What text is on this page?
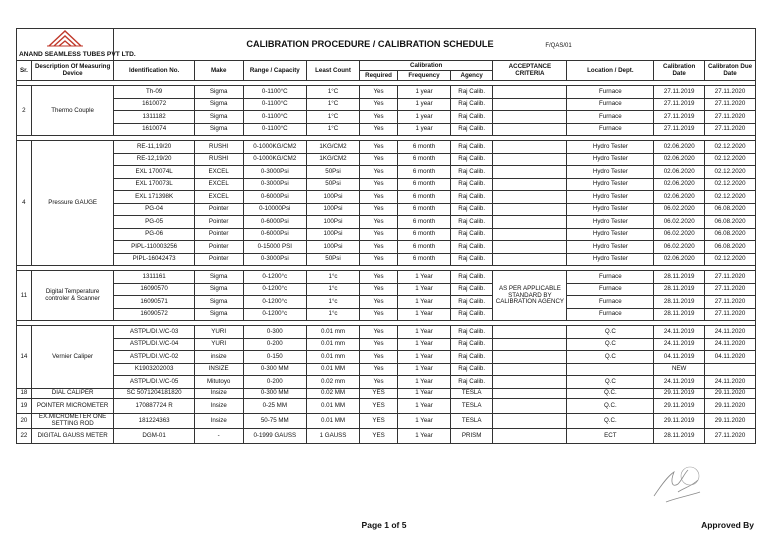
ANAND SEAMLESS TUBES PVT LTD.		CALIBRATION PROCEDURE / CALIBRATION SCHEDULE F/QAS/01										
Sr.	Description Of Measuring Device	Identification No.	Make	Range / Capacity	Least Count	Calibration			ACCEPTANCE CRITERIA	Location / Dept.	Calibration Date	Calibraton Due Date
						Required	Frequency	Agency				

2	Thermo Couple	Th-09	Sigma	0-1100°C	1°C	Yes	1 year	Raj Calib.		Furnace	27.11.2019	27.11.2020
		1610072	Sigma	0-1100°C	1°C	Yes	1 year	Raj Calib.		Furnace	27.11.2019	27.11.2020
		1311182	Sigma	0-1100°C	1°C	Yes	1 year	Raj Calib.		Furnace	27.11.2019	27.11.2020
		1610074	Sigma	0-1100°C	1°C	Yes	1 year	Raj Calib.		Furnace	27.11.2019	27.11.2020

4	Pressure GAUGE	RE-11,19/20	RUSHI	0-1000KG/CM2	1KG/CM2	Yes	6 month	Raj Calib.		Hydro Tester	02.06.2020	02.12.2020
		RE-12,19/20	RUSHI	0-1000KG/CM2	1KG/CM2	Yes	6 month	Raj Calib.		Hydro Tester	02.06.2020	02.12.2020
		EXL 170074L	EXCEL	0-3000Psi	50Psi	Yes	6 month	Raj Calib.		Hydro Tester	02.06.2020	02.12.2020
		EXL 170073L	EXCEL	0-3000Psi	50Psi	Yes	6 month	Raj Calib.		Hydro Tester	02.06.2020	02.12.2020
		EXL 171398K	EXCEL	0-6000Psi	100Psi	Yes	6 month	Raj Calib.		Hydro Tester	02.06.2020	02.12.2020
		PG-04	Pointer	0-10000Psi	100Psi	Yes	6 month	Raj Calib.		Hydro Tester	06.02.2020	06.08.2020
		PG-05	Pointer	0-6000Psi	100Psi	Yes	6 month	Raj Calib.		Hydro Tester	06.02.2020	06.08.2020
		PG-06	Pointer	0-6000Psi	100Psi	Yes	6 month	Raj Calib.		Hydro Tester	06.02.2020	06.08.2020
		PIPL-110003256	Pointer	0-15000 PSI	100Psi	Yes	6 month	Raj Calib.		Hydro Tester	06.02.2020	06.08.2020
		PIPL-16042473	Pointer	0-3000Psi	50Psi	Yes	6 month	Raj Calib.		Hydro Tester	02.06.2020	02.12.2020

11	Digital Temperature controler & Scanner	1311161	Sigma	0-1200°c	1°c	Yes	1 Year	Raj Calib.	AS PER APPLICABLE STANDARD BY CALIBRATION AGENCY	Furnace	28.11.2019	27.11.2020
		16090570	Sigma	0-1200°c	1°c	Yes	1 Year	Raj Calib.		Furnace	28.11.2019	27.11.2020
		16090571	Sigma	0-1200°c	1°c	Yes	1 Year	Raj Calib.		Furnace	28.11.2019	27.11.2020
		16090572	Sigma	0-1200°c	1°c	Yes	1 Year	Raj Calib.		Furnace	28.11.2019	27.11.2020

14	Vernier Caliper	ASTPL/DI.V/C-03	YURI	0-300	0.01 mm	Yes	1 Year	Raj Calib.		Q.C	24.11.2019	24.11.2020
		ASTPL/DI.V/C-04	YURI	0-200	0.01 mm	Yes	1 Year	Raj Calib.		Q.C	24.11.2019	24.11.2020
		ASTPL/DI.V/C-02	insize	0-150	0.01 mm	Yes	1 Year	Raj Calib.		Q.C	04.11.2019	04.11.2020
		K1903202003	INSIZE	0-300 MM	0.01 MM	Yes	1 Year	Raj Calib.			NEW	
		ASTPL/DI.V/C-05	Mitutoyo	0-200	0.02 mm	Yes	1 Year	Raj Calib.		Q.C	24.11.2019	24.11.2020
18	DIAL CALIPER	SC 5071204181820	Insize	0-300 MM	0.02 MM	YES	1 Year	TESLA		Q.C.	29.11.2019	29.11.2020
19	POINTER MICROMETER	170887724 R	Insize	0-25 MM	0.01 MM	YES	1 Year	TESLA		Q.C.	29.11.2019	29.11.2020
20	EX.MICROMETER ONE SETTING ROD	181224363	Insize	50-75 MM	0.01 MM	YES	1 Year	TESLA		Q.C.	29.11.2019	29.11.2020
22	DIGITAL GAUSS METER	DGM-01	-	0-1999 GAUSS	1 GAUSS	YES	1 Year	PRISM		ECT	28.11.2019	27.11.2020
Page 1 of 5	Approved By
